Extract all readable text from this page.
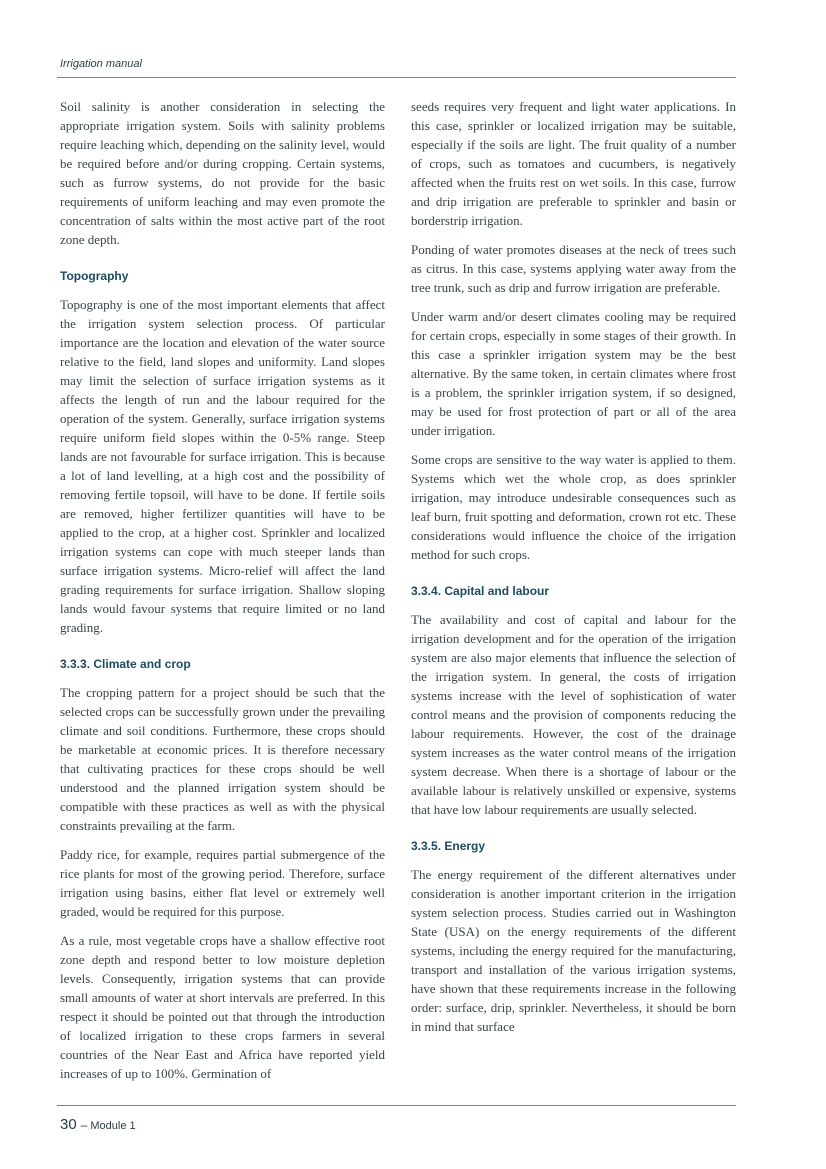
Irrigation manual

Soil salinity is another consideration in selecting the appropriate irrigation system. Soils with salinity problems require leaching which, depending on the salinity level, would be required before and/or during cropping. Certain systems, such as furrow systems, do not provide for the basic requirements of uniform leaching and may even promote the concentration of salts within the most active part of the root zone depth.

Topography

Topography is one of the most important elements that affect the irrigation system selection process. Of particular importance are the location and elevation of the water source relative to the field, land slopes and uniformity. Land slopes may limit the selection of surface irrigation systems as it affects the length of run and the labour required for the operation of the system. Generally, surface irrigation systems require uniform field slopes within the 0-5% range. Steep lands are not favourable for surface irrigation. This is because a lot of land levelling, at a high cost and the possibility of removing fertile topsoil, will have to be done. If fertile soils are removed, higher fertilizer quantities will have to be applied to the crop, at a higher cost. Sprinkler and localized irrigation systems can cope with much steeper lands than surface irrigation systems. Micro-relief will affect the land grading requirements for surface irrigation. Shallow sloping lands would favour systems that require limited or no land grading.

3.3.3. Climate and crop

The cropping pattern for a project should be such that the selected crops can be successfully grown under the prevailing climate and soil conditions. Furthermore, these crops should be marketable at economic prices. It is therefore necessary that cultivating practices for these crops should be well understood and the planned irrigation system should be compatible with these practices as well as with the physical constraints prevailing at the farm.

Paddy rice, for example, requires partial submergence of the rice plants for most of the growing period. Therefore, surface irrigation using basins, either flat level or extremely well graded, would be required for this purpose.

As a rule, most vegetable crops have a shallow effective root zone depth and respond better to low moisture depletion levels. Consequently, irrigation systems that can provide small amounts of water at short intervals are preferred. In this respect it should be pointed out that through the introduction of localized irrigation to these crops farmers in several countries of the Near East and Africa have reported yield increases of up to 100%. Germination of

seeds requires very frequent and light water applications. In this case, sprinkler or localized irrigation may be suitable, especially if the soils are light. The fruit quality of a number of crops, such as tomatoes and cucumbers, is negatively affected when the fruits rest on wet soils. In this case, furrow and drip irrigation are preferable to sprinkler and basin or borderstrip irrigation.

Ponding of water promotes diseases at the neck of trees such as citrus. In this case, systems applying water away from the tree trunk, such as drip and furrow irrigation are preferable.

Under warm and/or desert climates cooling may be required for certain crops, especially in some stages of their growth. In this case a sprinkler irrigation system may be the best alternative. By the same token, in certain climates where frost is a problem, the sprinkler irrigation system, if so designed, may be used for frost protection of part or all of the area under irrigation.

Some crops are sensitive to the way water is applied to them. Systems which wet the whole crop, as does sprinkler irrigation, may introduce undesirable consequences such as leaf burn, fruit spotting and deformation, crown rot etc. These considerations would influence the choice of the irrigation method for such crops.

3.3.4. Capital and labour

The availability and cost of capital and labour for the irrigation development and for the operation of the irrigation system are also major elements that influence the selection of the irrigation system. In general, the costs of irrigation systems increase with the level of sophistication of water control means and the provision of components reducing the labour requirements. However, the cost of the drainage system increases as the water control means of the irrigation system decrease. When there is a shortage of labour or the available labour is relatively unskilled or expensive, systems that have low labour requirements are usually selected.

3.3.5. Energy

The energy requirement of the different alternatives under consideration is another important criterion in the irrigation system selection process. Studies carried out in Washington State (USA) on the energy requirements of the different systems, including the energy required for the manufacturing, transport and installation of the various irrigation systems, have shown that these requirements increase in the following order: surface, drip, sprinkler. Nevertheless, it should be born in mind that surface

30 – Module 1
